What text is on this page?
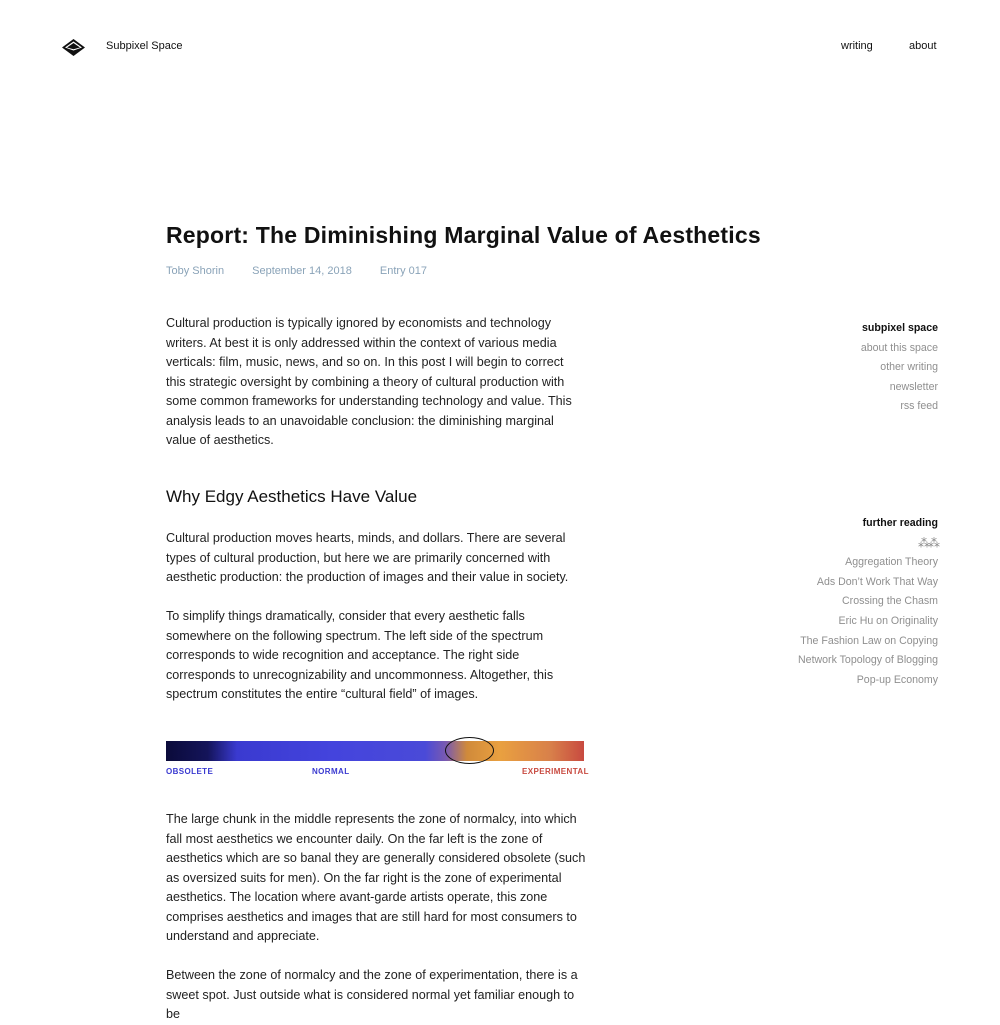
Subpixel Space	writing	about
Report: The Diminishing Marginal Value of Aesthetics
Toby Shorin	September 14, 2018	Entry 017

Cultural production is typically ignored by economists and technology writers. At best it is only addressed within the context of various media verticals: film, music, news, and so on. In this post I will begin to correct this strategic oversight by combining a theory of cultural production with some common frameworks for understanding technology and value. This analysis leads to an unavoidable conclusion: the diminishing marginal value of aesthetics.

Why Edgy Aesthetics Have Value

Cultural production moves hearts, minds, and dollars. There are several types of cultural production, but here we are primarily concerned with aesthetic production: the production of images and their value in society.

To simplify things dramatically, consider that every aesthetic falls somewhere on the following spectrum. The left side of the spectrum corresponds to wide recognition and acceptance. The right side corresponds to unrecognizability and uncommonness. Altogether, this spectrum constitutes the entire “cultural field” of images.

OBSOLETE	NORMAL	EXPERIMENTAL

The large chunk in the middle represents the zone of normalcy, into which fall most aesthetics we encounter daily. On the far left is the zone of aesthetics which are so banal they are generally considered obsolete (such as oversized suits for men). On the far right is the zone of experimental aesthetics. The location where avant-garde artists operate, this zone comprises aesthetics and images that are still hard for most consumers to understand and appreciate.

Between the zone of normalcy and the zone of experimentation, there is a sweet spot. Just outside what is considered normal yet familiar enough to be

subpixel space
about this space
other writing
newsletter
rss feed
further reading
⁂⁂
Aggregation Theory
Ads Don’t Work That Way
Crossing the Chasm
Eric Hu on Originality
The Fashion Law on Copying
Network Topology of Blogging
Pop-up Economy
